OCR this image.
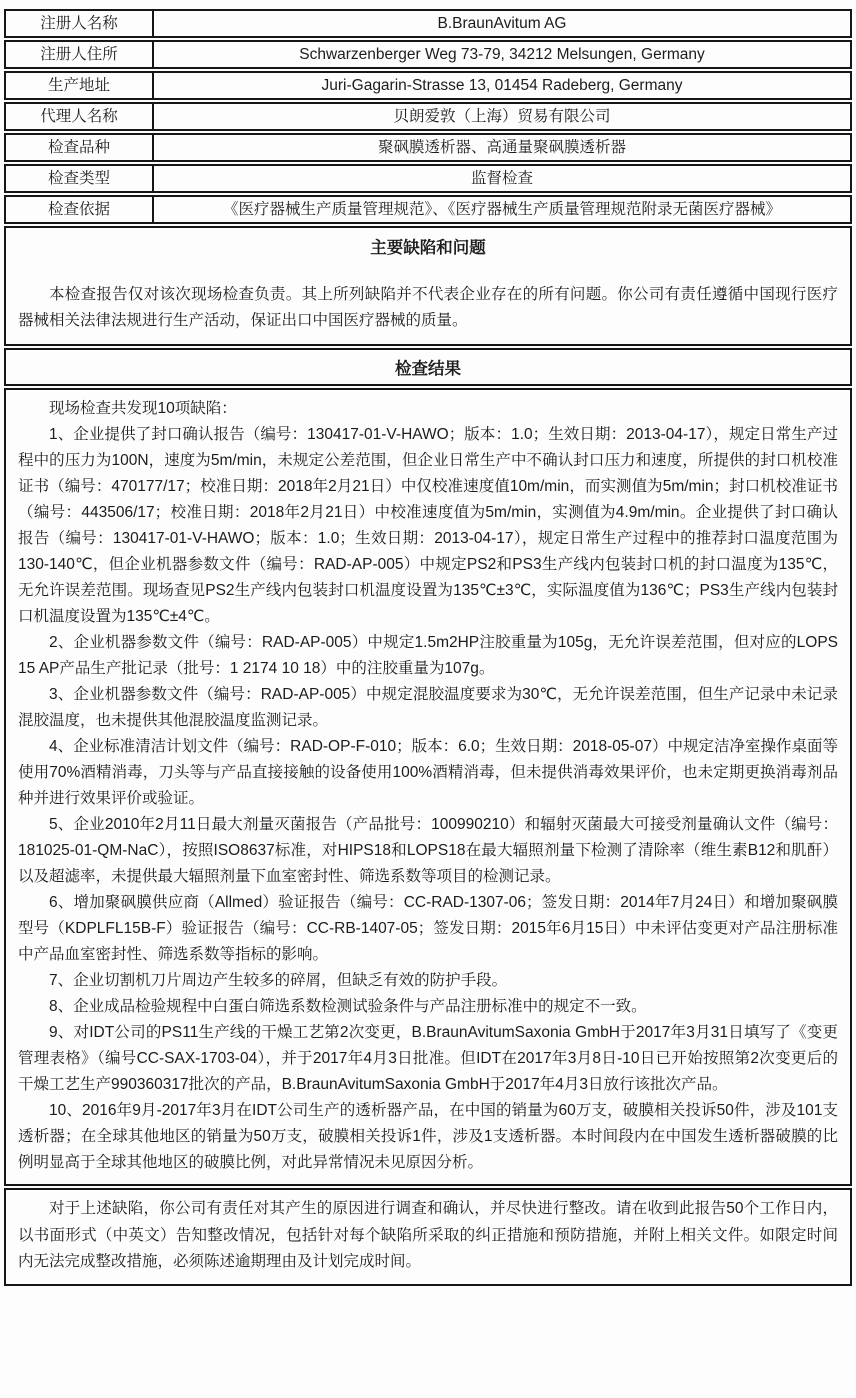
注册人名称	B.BraunAvitum AG
注册人住所	Schwarzenberger Weg 73-79, 34212 Melsungen, Germany
生产地址	Juri-Gagarin-Strasse 13, 01454 Radeberg, Germany
代理人名称	贝朗爱敦（上海）贸易有限公司
检查品种	聚砜膜透析器、高通量聚砜膜透析器
检查类型	监督检查
检查依据	《医疗器械生产质量管理规范》、《医疗器械生产质量管理规范附录无菌医疗器械》
主要缺陷和问题

本检查报告仅对该次现场检查负责。其上所列缺陷并不代表企业存在的所有问题。你公司有责任遵循中国现行医疗器械相关法律法规进行生产活动，保证出口中国医疗器械的质量。

检查结果

现场检查共发现10项缺陷：

1、企业提供了封口确认报告（编号：130417-01-V-HAWO；版本：1.0；生效日期：2013-04-17），规定日常生产过程中的压力为100N，速度为5m/min，未规定公差范围，但企业日常生产中不确认封口压力和速度，所提供的封口机校准证书（编号：470177/17；校准日期：2018年2月21日）中仅校准速度值10m/min，而实测值为5m/min；封口机校准证书（编号：443506/17；校准日期：2018年2月21日）中校准速度值为5m/min，实测值为4.9m/min。企业提供了封口确认报告（编号：130417-01-V-HAWO；版本：1.0；生效日期：2013-04-17），规定日常生产过程中的推荐封口温度范围为130-140℃，但企业机器参数文件（编号：RAD-AP-005）中规定PS2和PS3生产线内包装封口机的封口温度为135℃，无允许误差范围。现场查见PS2生产线内包装封口机温度设置为135℃±3℃，实际温度值为136℃；PS3生产线内包装封口机温度设置为135℃±4℃。

2、企业机器参数文件（编号：RAD-AP-005）中规定1.5m2HP注胶重量为105g，无允许误差范围，但对应的LOPS 15 AP产品生产批记录（批号：1 2174 10 18）中的注胶重量为107g。

3、企业机器参数文件（编号：RAD-AP-005）中规定混胶温度要求为30℃，无允许误差范围，但生产记录中未记录混胶温度，也未提供其他混胶温度监测记录。

4、企业标准清洁计划文件（编号：RAD-OP-F-010；版本：6.0；生效日期：2018-05-07）中规定洁净室操作桌面等使用70%酒精消毒，刀头等与产品直接接触的设备使用100%酒精消毒，但未提供消毒效果评价，也未定期更换消毒剂品种并进行效果评价或验证。

5、企业2010年2月11日最大剂量灭菌报告（产品批号：100990210）和辐射灭菌最大可接受剂量确认文件（编号：181025-01-QM-NaC），按照ISO8637标准，对HIPS18和LOPS18在最大辐照剂量下检测了清除率（维生素B12和肌酐）以及超滤率，未提供最大辐照剂量下血室密封性、筛选系数等项目的检测记录。

6、增加聚砜膜供应商（Allmed）验证报告（编号：CC-RAD-1307-06；签发日期：2014年7月24日）和增加聚砜膜型号（KDPLFL15B-F）验证报告（编号：CC-RB-1407-05；签发日期：2015年6月15日）中未评估变更对产品注册标准中产品血室密封性、筛选系数等指标的影响。

7、企业切割机刀片周边产生较多的碎屑，但缺乏有效的防护手段。

8、企业成品检验规程中白蛋白筛选系数检测试验条件与产品注册标准中的规定不一致。

9、对IDT公司的PS11生产线的干燥工艺第2次变更，B.BraunAvitumSaxonia GmbH于2017年3月31日填写了《变更管理表格》（编号CC-SAX-1703-04），并于2017年4月3日批准。但IDT在2017年3月8日-10日已开始按照第2次变更后的干燥工艺生产990360317批次的产品，B.BraunAvitumSaxonia GmbH于2017年4月3日放行该批次产品。

10、2016年9月-2017年3月在IDT公司生产的透析器产品，在中国的销量为60万支，破膜相关投诉50件，涉及101支透析器；在全球其他地区的销量为50万支，破膜相关投诉1件，涉及1支透析器。本时间段内在中国发生透析器破膜的比例明显高于全球其他地区的破膜比例，对此异常情况未见原因分析。

对于上述缺陷，你公司有责任对其产生的原因进行调查和确认，并尽快进行整改。请在收到此报告50个工作日内，以书面形式（中英文）告知整改情况，包括针对每个缺陷所采取的纠正措施和预防措施，并附上相关文件。如限定时间内无法完成整改措施，必须陈述逾期理由及计划完成时间。
